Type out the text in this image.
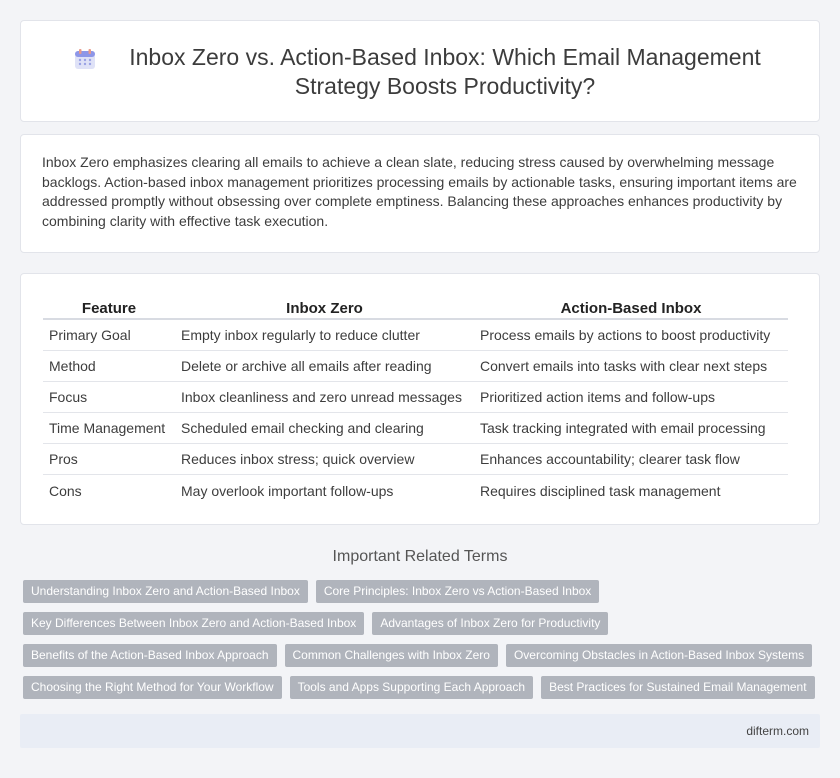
Inbox Zero vs. Action-Based Inbox: Which Email Management Strategy Boosts Productivity?

Inbox Zero emphasizes clearing all emails to achieve a clean slate, reducing stress caused by overwhelming message backlogs. Action-based inbox management prioritizes processing emails by actionable tasks, ensuring important items are addressed promptly without obsessing over complete emptiness. Balancing these approaches enhances productivity by combining clarity with effective task execution.

Feature	Inbox Zero	Action-Based Inbox
Primary Goal	Empty inbox regularly to reduce clutter	Process emails by actions to boost productivity
Method	Delete or archive all emails after reading	Convert emails into tasks with clear next steps
Focus	Inbox cleanliness and zero unread messages	Prioritized action items and follow-ups
Time Management	Scheduled email checking and clearing	Task tracking integrated with email processing
Pros	Reduces inbox stress; quick overview	Enhances accountability; clearer task flow
Cons	May overlook important follow-ups	Requires disciplined task management
Important Related Terms
Understanding Inbox Zero and Action-Based Inbox	Core Principles: Inbox Zero vs Action-Based Inbox
Key Differences Between Inbox Zero and Action-Based Inbox	Advantages of Inbox Zero for Productivity
Benefits of the Action-Based Inbox Approach	Common Challenges with Inbox Zero	Overcoming Obstacles in Action-Based Inbox Systems
Choosing the Right Method for Your Workflow	Tools and Apps Supporting Each Approach	Best Practices for Sustained Email Management
difterm.com
